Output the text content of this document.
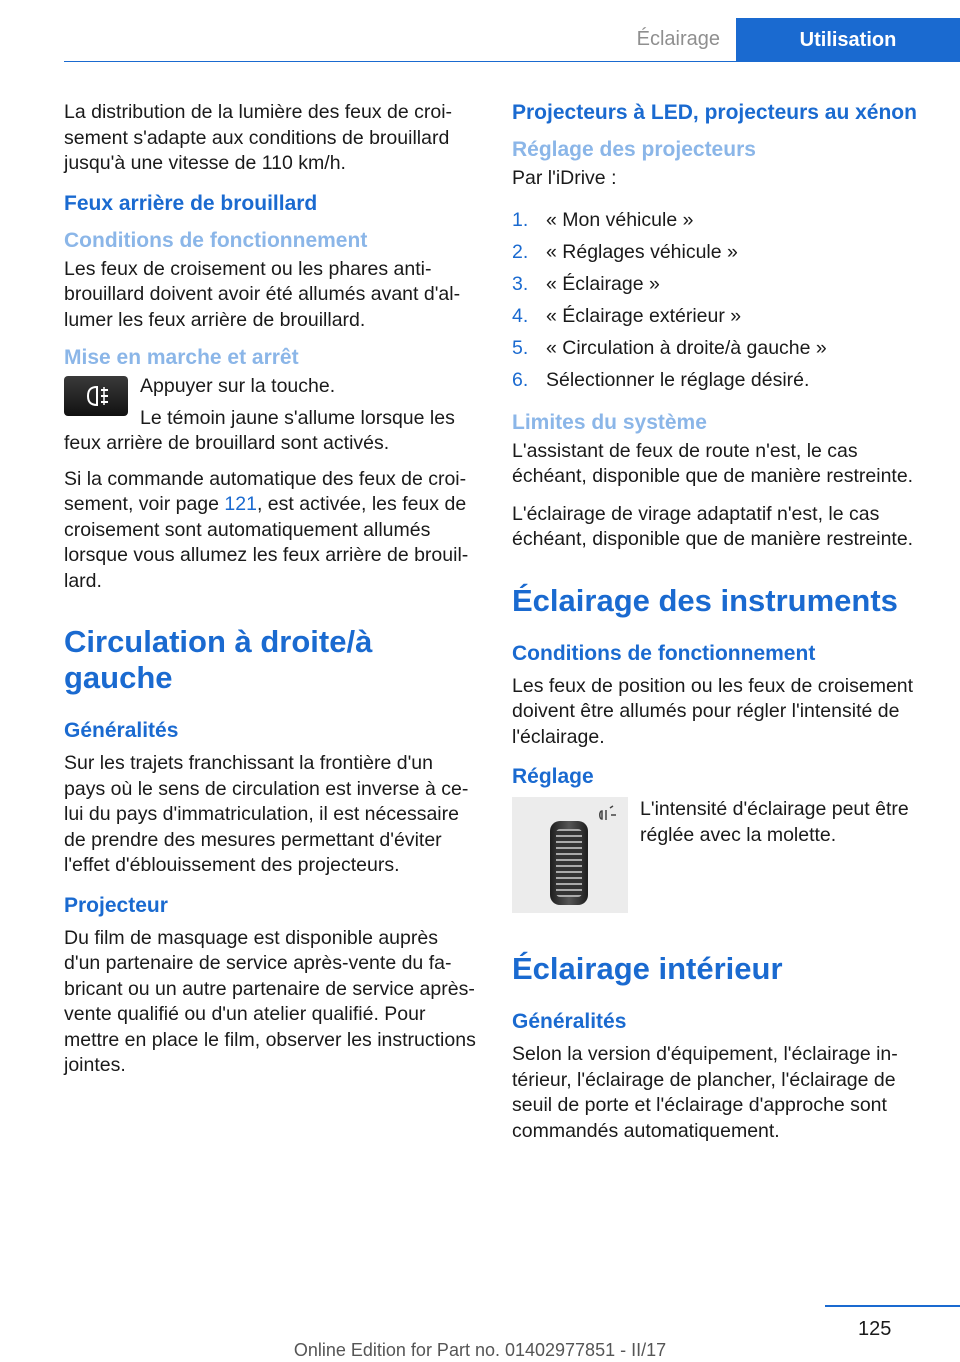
Éclairage	Utilisation

La distribution de la lumière des feux de croisement s'adapte aux conditions de brouillard jusqu'à une vitesse de 110 km/h.

Feux arrière de brouillard
Conditions de fonctionnement

Les feux de croisement ou les phares antibrouillard doivent avoir été allumés avant d'allumer les feux arrière de brouillard.

Mise en marche et arrêt

Appuyer sur la touche.

Le témoin jaune s'allume lorsque les feux arrière de brouillard sont activés.

Si la commande automatique des feux de croisement, voir page 121, est activée, les feux de croisement sont automatiquement allumés lorsque vous allumez les feux arrière de brouillard.

Circulation à droite/à gauche
Généralités

Sur les trajets franchissant la frontière d'un pays où le sens de circulation est inverse à celui du pays d'immatriculation, il est nécessaire de prendre des mesures permettant d'éviter l'effet d'éblouissement des projecteurs.

Projecteur

Du film de masquage est disponible auprès d'un partenaire de service après-vente du fabricant ou un autre partenaire de service après-vente qualifié ou d'un atelier qualifié. Pour mettre en place le film, observer les instructions jointes.

Projecteurs à LED, projecteurs au xénon
Réglage des projecteurs

Par l'iDrive :

1. « Mon véhicule »
2. « Réglages véhicule »
3. « Éclairage »
4. « Éclairage extérieur »
5. « Circulation à droite/à gauche »
6. Sélectionner le réglage désiré.
Limites du système

L'assistant de feux de route n'est, le cas échéant, disponible que de manière restreinte.

L'éclairage de virage adaptatif n'est, le cas échéant, disponible que de manière restreinte.

Éclairage des instruments
Conditions de fonctionnement

Les feux de position ou les feux de croisement doivent être allumés pour régler l'intensité de l'éclairage.

Réglage

L'intensité d'éclairage peut être réglée avec la molette.

Éclairage intérieur
Généralités

Selon la version d'équipement, l'éclairage intérieur, l'éclairage de plancher, l'éclairage de seuil de porte et l'éclairage d'approche sont commandés automatiquement.

125
Online Edition for Part no. 01402977851 - II/17
